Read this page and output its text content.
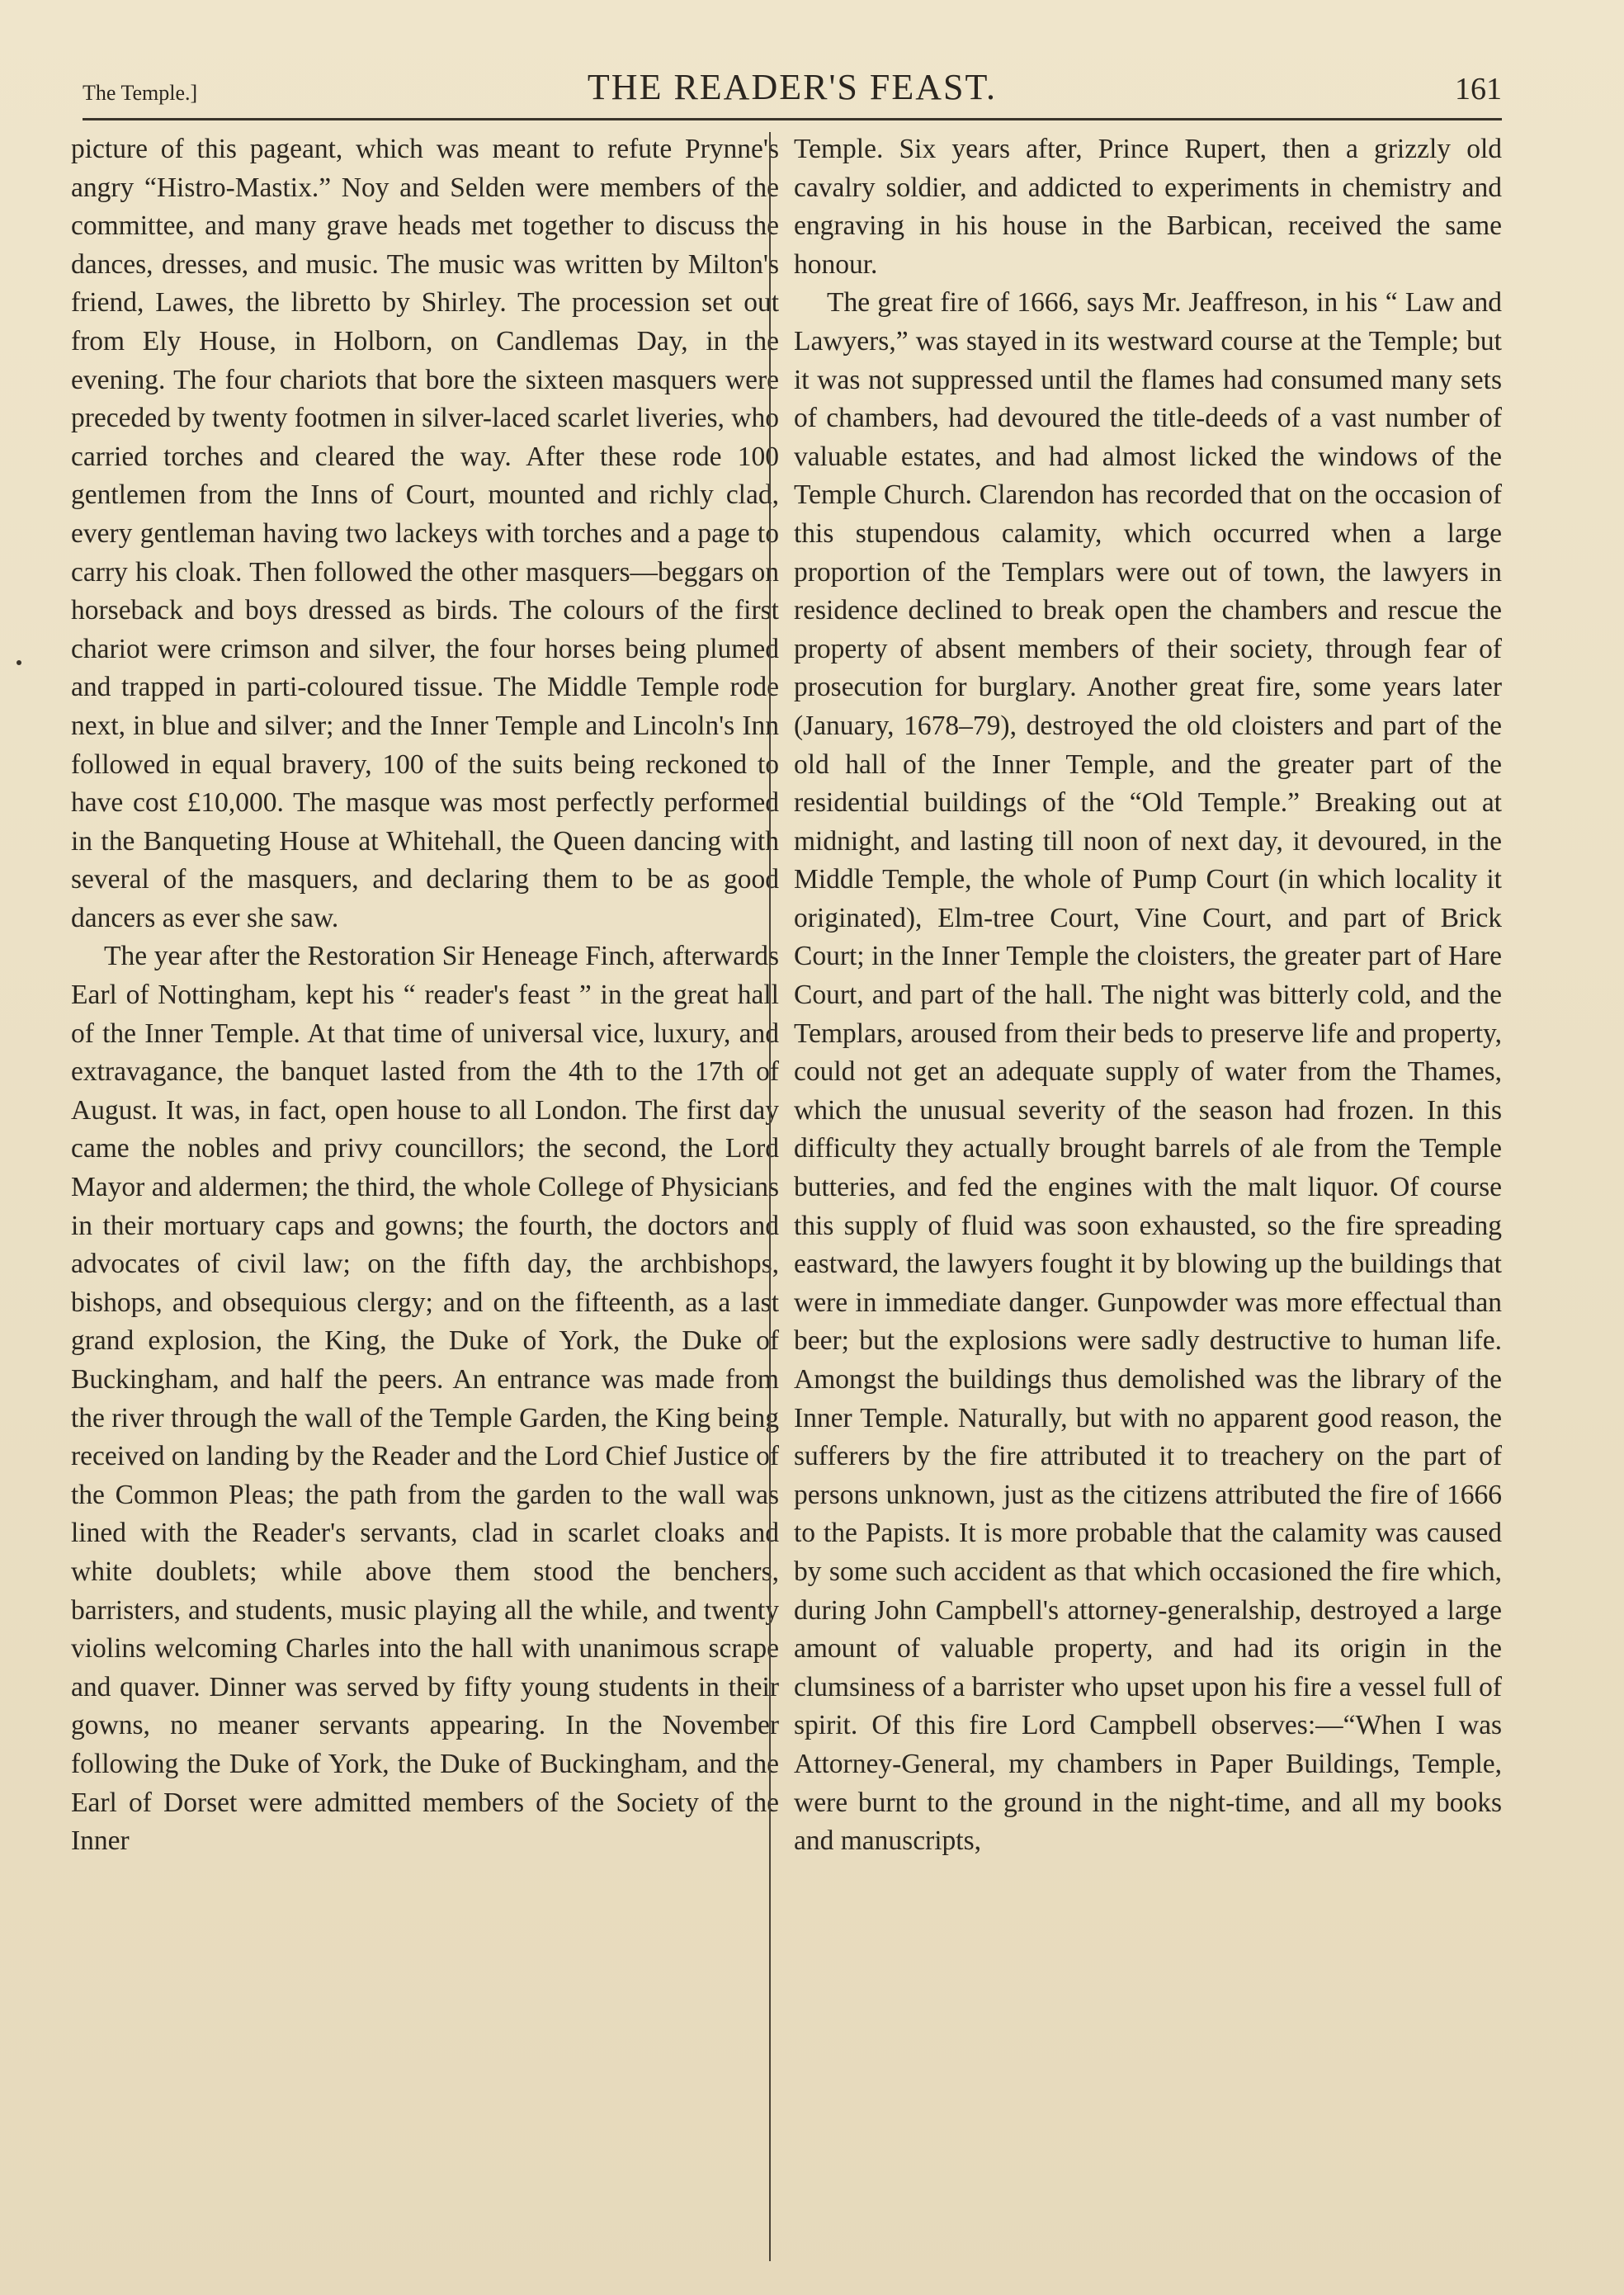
The Temple.]	THE READER'S FEAST.	161

picture of this pageant, which was meant to refute Prynne's angry “Histro-Mastix.” Noy and Selden were members of the committee, and many grave heads met together to discuss the dances, dresses, and music. The music was written by Milton's friend, Lawes, the libretto by Shirley. The procession set out from Ely House, in Holborn, on Candlemas Day, in the evening. The four chariots that bore the sixteen masquers were preceded by twenty footmen in silver-laced scarlet liveries, who carried torches and cleared the way. After these rode 100 gentlemen from the Inns of Court, mounted and richly clad, every gentleman having two lackeys with torches and a page to carry his cloak. Then followed the other masquers—beggars on horseback and boys dressed as birds. The colours of the first chariot were crimson and silver, the four horses being plumed and trapped in parti-coloured tissue. The Middle Temple rode next, in blue and silver; and the Inner Temple and Lincoln's Inn followed in equal bravery, 100 of the suits being reckoned to have cost £10,000. The masque was most perfectly performed in the Banqueting House at Whitehall, the Queen dancing with several of the masquers, and declaring them to be as good dancers as ever she saw.

The year after the Restoration Sir Heneage Finch, afterwards Earl of Nottingham, kept his “ reader's feast ” in the great hall of the Inner Temple. At that time of universal vice, luxury, and extravagance, the banquet lasted from the 4th to the 17th of August. It was, in fact, open house to all London. The first day came the nobles and privy councillors; the second, the Lord Mayor and aldermen; the third, the whole College of Physicians in their mortuary caps and gowns; the fourth, the doctors and advocates of civil law; on the fifth day, the archbishops, bishops, and obsequious clergy; and on the fifteenth, as a last grand explosion, the King, the Duke of York, the Duke of Buckingham, and half the peers. An entrance was made from the river through the wall of the Temple Garden, the King being received on landing by the Reader and the Lord Chief Justice of the Common Pleas; the path from the garden to the wall was lined with the Reader's servants, clad in scarlet cloaks and white doublets; while above them stood the benchers, barristers, and students, music playing all the while, and twenty violins welcoming Charles into the hall with unanimous scrape and quaver. Dinner was served by fifty young students in their gowns, no meaner servants appearing. In the November following the Duke of York, the Duke of Buckingham, and the Earl of Dorset were admitted members of the Society of the Inner

Temple. Six years after, Prince Rupert, then a grizzly old cavalry soldier, and addicted to experiments in chemistry and engraving in his house in the Barbican, received the same honour.

The great fire of 1666, says Mr. Jeaffreson, in his “ Law and Lawyers,” was stayed in its westward course at the Temple; but it was not suppressed until the flames had consumed many sets of chambers, had devoured the title-deeds of a vast number of valuable estates, and had almost licked the windows of the Temple Church. Clarendon has recorded that on the occasion of this stupendous calamity, which occurred when a large proportion of the Templars were out of town, the lawyers in residence declined to break open the chambers and rescue the property of absent members of their society, through fear of prosecution for burglary. Another great fire, some years later (January, 1678–79), destroyed the old cloisters and part of the old hall of the Inner Temple, and the greater part of the residential buildings of the “Old Temple.” Breaking out at midnight, and lasting till noon of next day, it devoured, in the Middle Temple, the whole of Pump Court (in which locality it originated), Elm-tree Court, Vine Court, and part of Brick Court; in the Inner Temple the cloisters, the greater part of Hare Court, and part of the hall. The night was bitterly cold, and the Templars, aroused from their beds to preserve life and property, could not get an adequate supply of water from the Thames, which the unusual severity of the season had frozen. In this difficulty they actually brought barrels of ale from the Temple butteries, and fed the engines with the malt liquor. Of course this supply of fluid was soon exhausted, so the fire spreading eastward, the lawyers fought it by blowing up the buildings that were in immediate danger. Gunpowder was more effectual than beer; but the explosions were sadly destructive to human life. Amongst the buildings thus demolished was the library of the Inner Temple. Naturally, but with no apparent good reason, the sufferers by the fire attributed it to treachery on the part of persons unknown, just as the citizens attributed the fire of 1666 to the Papists. It is more probable that the calamity was caused by some such accident as that which occasioned the fire which, during John Campbell's attorney-generalship, destroyed a large amount of valuable property, and had its origin in the clumsiness of a barrister who upset upon his fire a vessel full of spirit. Of this fire Lord Campbell observes:—“When I was Attorney-General, my chambers in Paper Buildings, Temple, were burnt to the ground in the night-time, and all my books and manuscripts,
